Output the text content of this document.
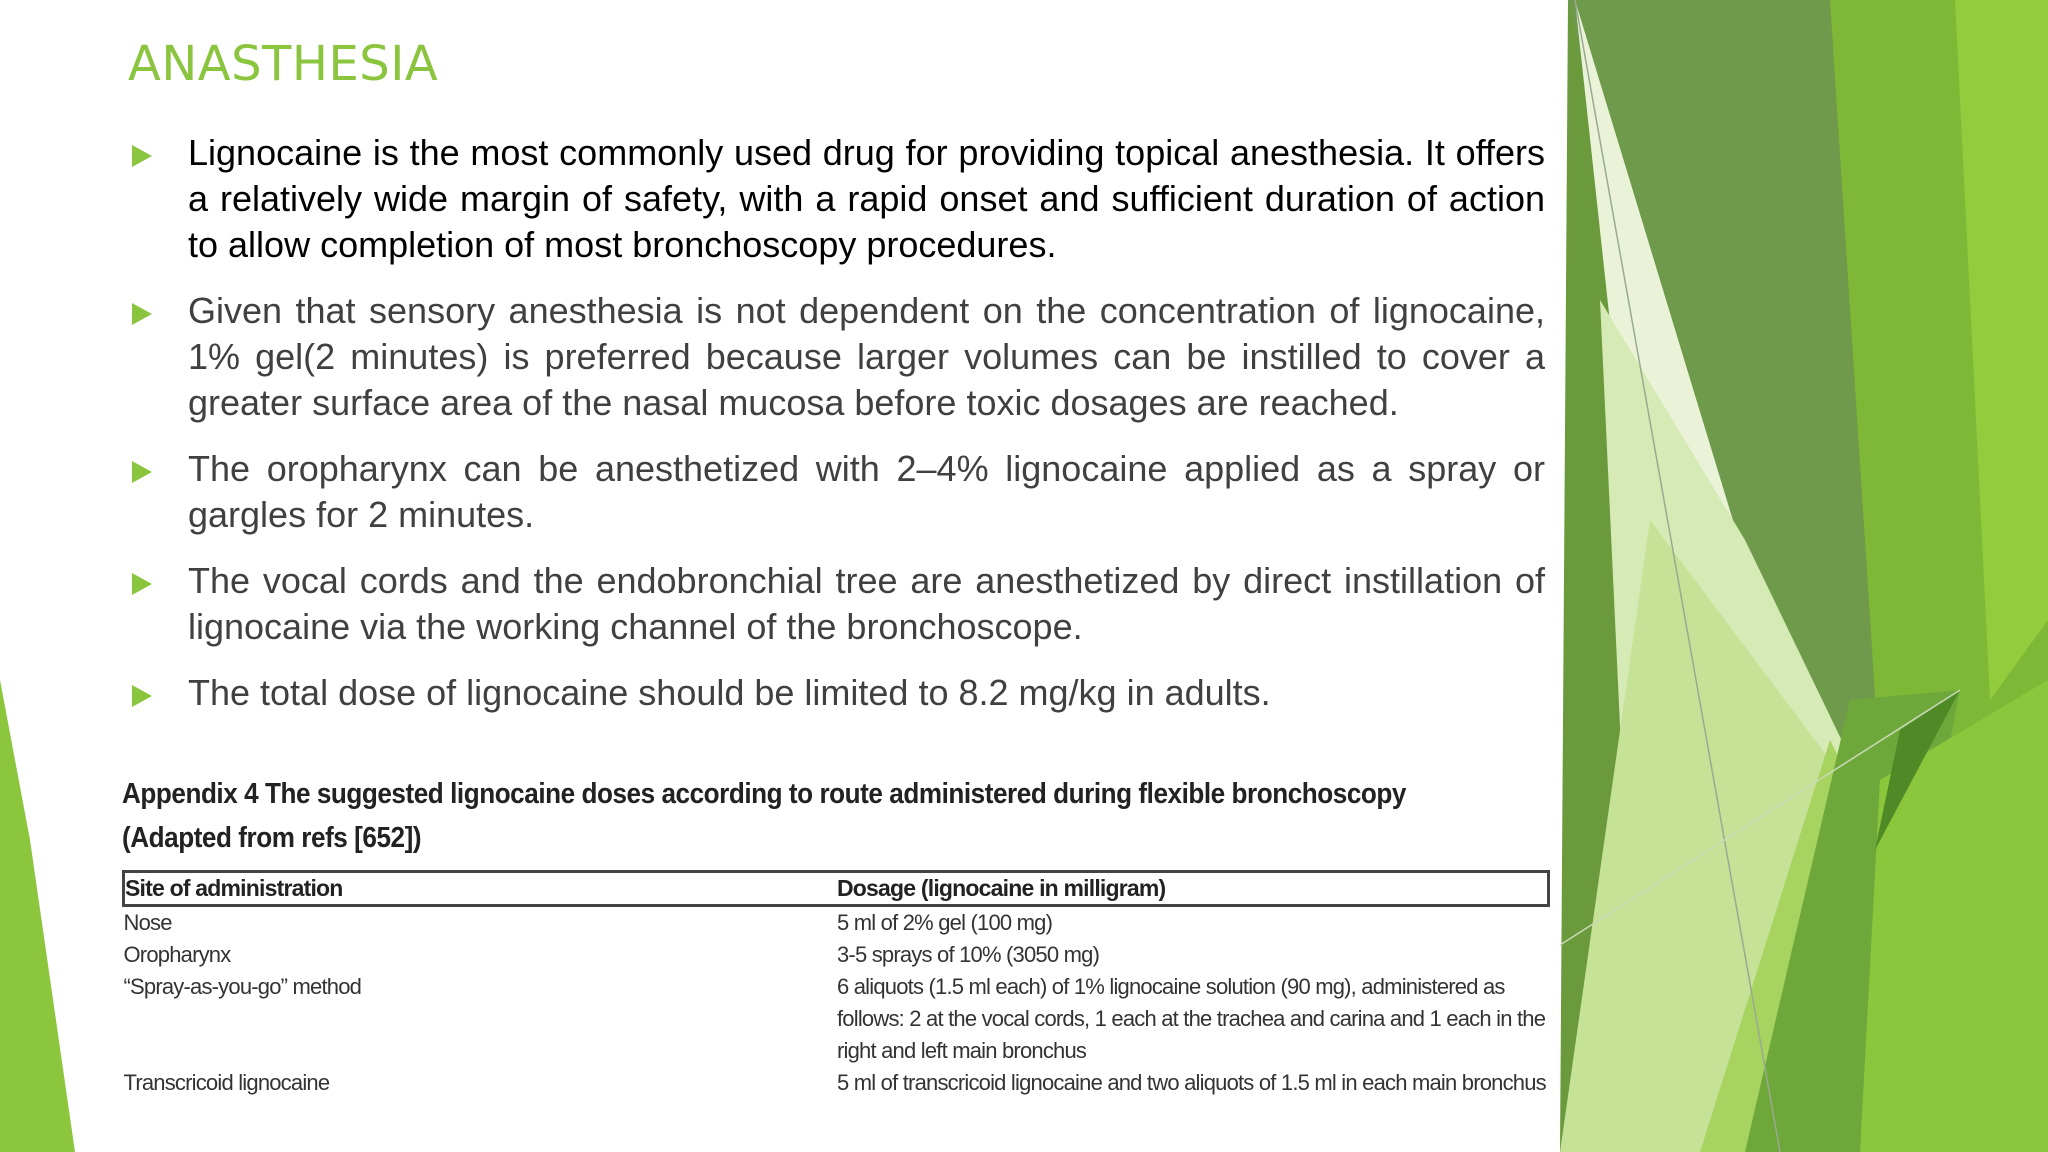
ANASTHESIA
Lignocaine is the most commonly used drug for providing topical anesthesia. It offers a relatively wide margin of safety, with a rapid onset and sufficient duration of action to allow completion of most bronchoscopy procedures.
Given that sensory anesthesia is not dependent on the concentration of lignocaine, 1% gel(2 minutes) is preferred because larger volumes can be instilled to cover a greater surface area of the nasal mucosa before toxic dosages are reached.
The oropharynx can be anesthetized with 2–4% lignocaine applied as a spray or gargles for 2 minutes.
The vocal cords and the endobronchial tree are anesthetized by direct instillation of lignocaine via the working channel of the bronchoscope.
The total dose of lignocaine should be limited to 8.2 mg/kg in adults.
Appendix 4 The suggested lignocaine doses according to route administered during flexible bronchoscopy (Adapted from refs [652])
Site of administration	Dosage (lignocaine in milligram)
Nose	5 ml of 2% gel (100 mg)
Oropharynx	3-5 sprays of 10% (3050 mg)
“Spray-as-you-go” method	6 aliquots (1.5 ml each) of 1% lignocaine solution (90 mg), administered as follows: 2 at the vocal cords, 1 each at the trachea and carina and 1 each in the right and left main bronchus
Transcricoid lignocaine	5 ml of transcricoid lignocaine and two aliquots of 1.5 ml in each main bronchus
